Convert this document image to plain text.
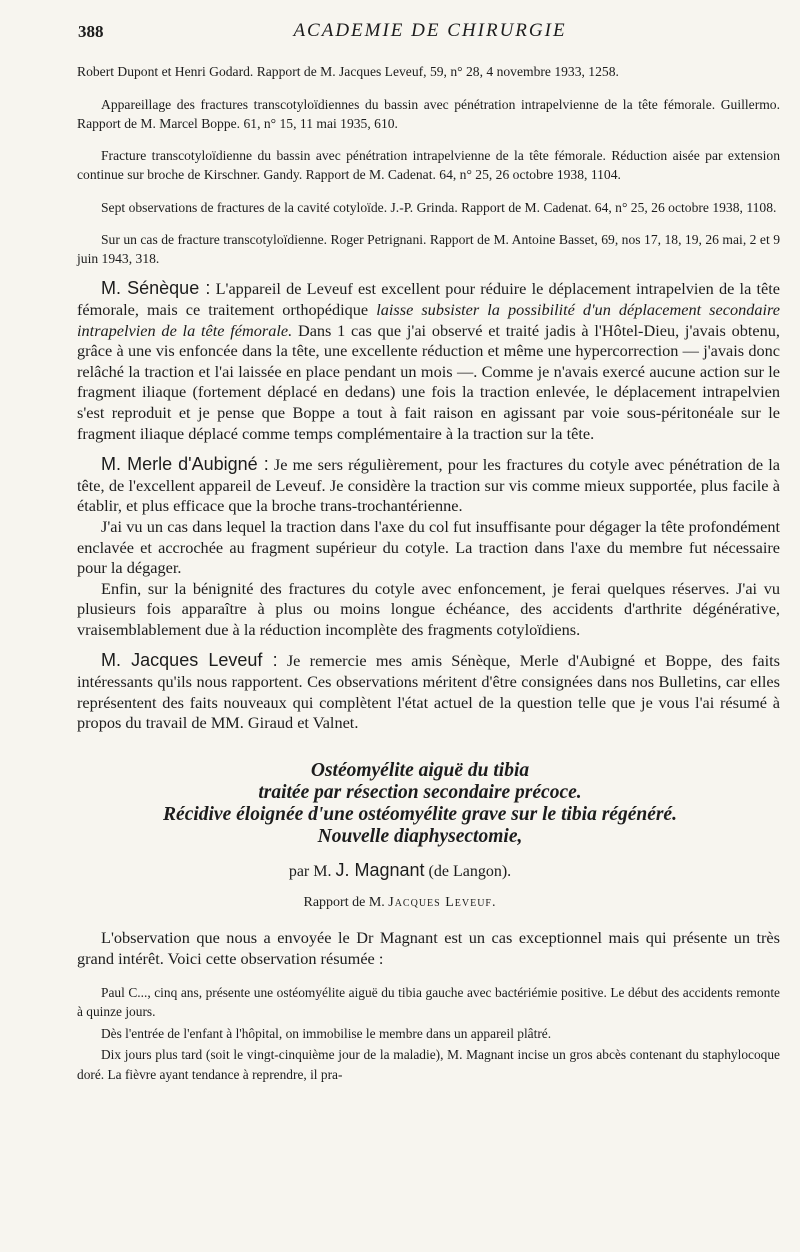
388	ACADEMIE DE CHIRURGIE

Robert Dupont et Henri Godard. Rapport de M. Jacques Leveuf, 59, n° 28, 4 novembre 1933, 1258.

Appareillage des fractures transcotyloïdiennes du bassin avec pénétration intrapelvienne de la tête fémorale. Guillermo. Rapport de M. Marcel Boppe. 61, n° 15, 11 mai 1935, 610.

Fracture transcotyloïdienne du bassin avec pénétration intrapelvienne de la tête fémorale. Réduction aisée par extension continue sur broche de Kirschner. Gandy. Rapport de M. Cadenat. 64, n° 25, 26 octobre 1938, 1104.

Sept observations de fractures de la cavité cotyloïde. J.-P. Grinda. Rapport de M. Cadenat. 64, n° 25, 26 octobre 1938, 1108.

Sur un cas de fracture transcotyloïdienne. Roger Petrignani. Rapport de M. Antoine Basset, 69, nos 17, 18, 19, 26 mai, 2 et 9 juin 1943, 318.

M. Sénèque : L'appareil de Leveuf est excellent pour réduire le déplacement intrapelvien de la tête fémorale, mais ce traitement orthopédique laisse subsister la possibilité d'un déplacement secondaire intrapelvien de la tête fémorale. Dans 1 cas que j'ai observé et traité jadis à l'Hôtel-Dieu, j'avais obtenu, grâce à une vis enfoncée dans la tête, une excellente réduction et même une hypercorrection — j'avais donc relâché la traction et l'ai laissée en place pendant un mois —. Comme je n'avais exercé aucune action sur le fragment iliaque (fortement déplacé en dedans) une fois la traction enlevée, le déplacement intrapelvien s'est reproduit et je pense que Boppe a tout à fait raison en agissant par voie sous-péritonéale sur le fragment iliaque déplacé comme temps complémentaire à la traction sur la tête.

M. Merle d'Aubigné : Je me sers régulièrement, pour les fractures du cotyle avec pénétration de la tête, de l'excellent appareil de Leveuf. Je considère la traction sur vis comme mieux supportée, plus facile à établir, et plus efficace que la broche trans-trochantérienne.

J'ai vu un cas dans lequel la traction dans l'axe du col fut insuffisante pour dégager la tête profondément enclavée et accrochée au fragment supérieur du cotyle. La traction dans l'axe du membre fut nécessaire pour la dégager.

Enfin, sur la bénignité des fractures du cotyle avec enfoncement, je ferai quelques réserves. J'ai vu plusieurs fois apparaître à plus ou moins longue échéance, des accidents d'arthrite dégénérative, vraisemblablement due à la réduction incomplète des fragments cotyloïdiens.

M. Jacques Leveuf : Je remercie mes amis Sénèque, Merle d'Aubigné et Boppe, des faits intéressants qu'ils nous rapportent. Ces observations méritent d'être consignées dans nos Bulletins, car elles représentent des faits nouveaux qui complètent l'état actuel de la question telle que je vous l'ai résumé à propos du travail de MM. Giraud et Valnet.

Ostéomyélite aiguë du tibia
traitée par résection secondaire précoce.
Récidive éloignée d'une ostéomyélite grave sur le tibia régénéré.
Nouvelle diaphysectomie,
par M. J. Magnant (de Langon).
Rapport de M. Jacques Leveuf.

L'observation que nous a envoyée le Dr Magnant est un cas exceptionnel mais qui présente un très grand intérêt. Voici cette observation résumée :

Paul C..., cinq ans, présente une ostéomyélite aiguë du tibia gauche avec bactériémie positive. Le début des accidents remonte à quinze jours.

Dès l'entrée de l'enfant à l'hôpital, on immobilise le membre dans un appareil plâtré.

Dix jours plus tard (soit le vingt-cinquième jour de la maladie), M. Magnant incise un gros abcès contenant du staphylocoque doré. La fièvre ayant tendance à reprendre, il pra-
